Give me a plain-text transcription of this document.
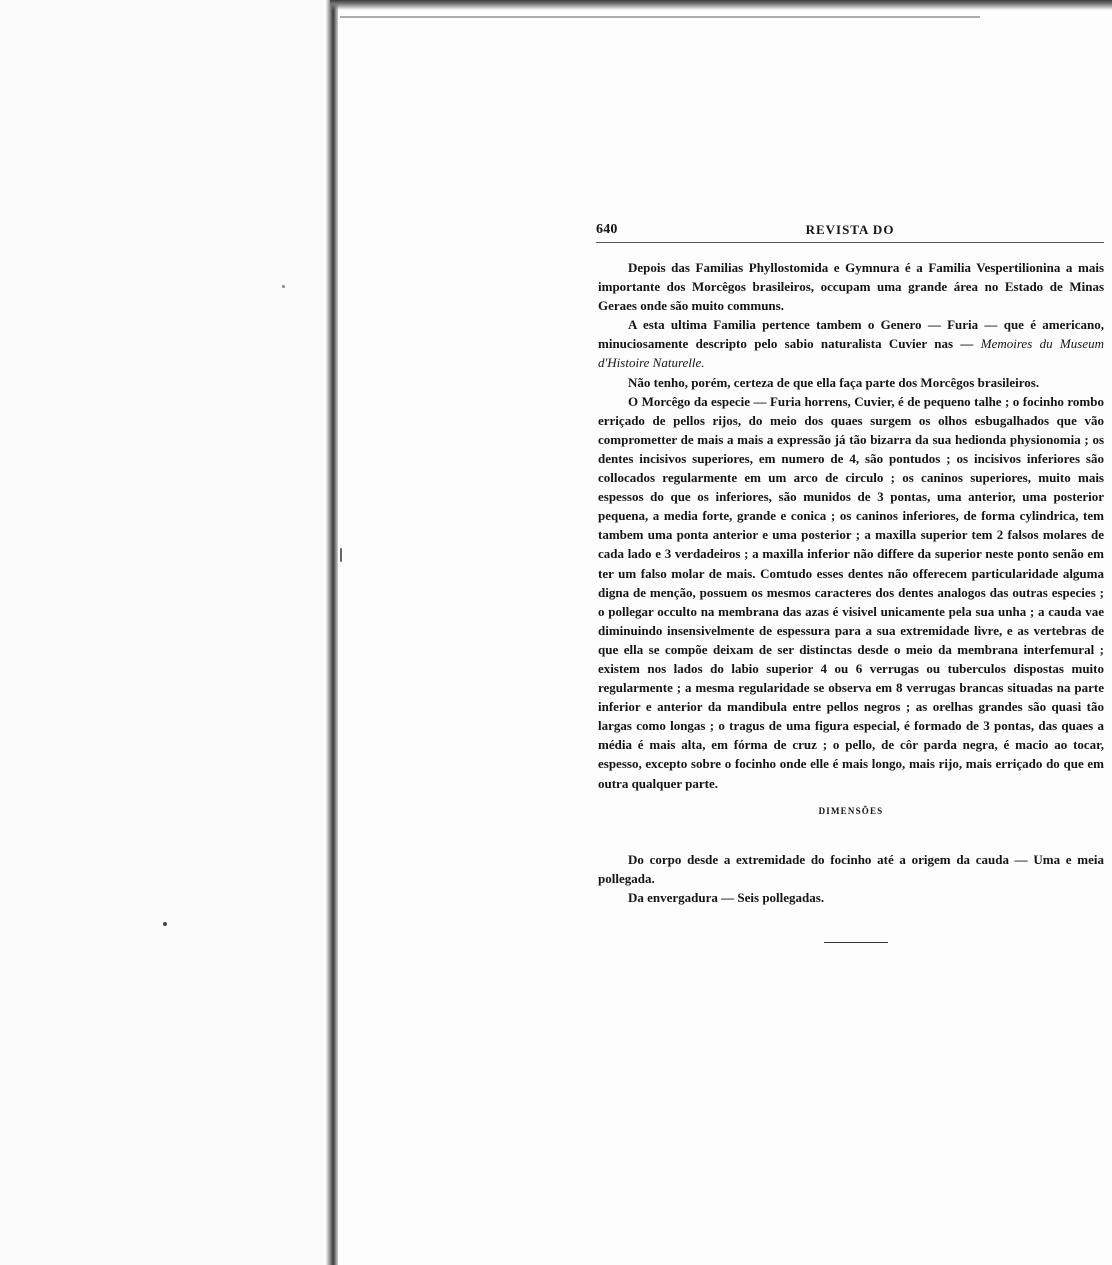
640	REVISTA DO

Depois das Familias Phyllostomida e Gymnura é a Familia Vespertilionina a mais importante dos Morcêgos brasileiros, occupam uma grande área no Estado de Minas Geraes onde são muito communs.

A esta ultima Familia pertence tambem o Genero — Furia — que é americano, minuciosamente descripto pelo sabio naturalista Cuvier nas — Memoires du Museum d'Histoire Naturelle.

Não tenho, porém, certeza de que ella faça parte dos Morcêgos brasileiros.

O Morcêgo da especie — Furia horrens, Cuvier, é de pequeno talhe ; o focinho rombo erriçado de pellos rijos, do meio dos quaes surgem os olhos esbugalhados que vão comprometter de mais a mais a expressão já tão bizarra da sua hedionda physionomia ; os dentes incisivos superiores, em numero de 4, são pontudos ; os incisivos inferiores são collocados regularmente em um arco de circulo ; os caninos superiores, muito mais espessos do que os inferiores, são munidos de 3 pontas, uma anterior, uma posterior pequena, a media forte, grande e conica ; os caninos inferiores, de forma cylindrica, tem tambem uma ponta anterior e uma posterior ; a maxilla superior tem 2 falsos molares de cada lado e 3 verdadeiros ; a maxilla inferior não differe da superior neste ponto senão em ter um falso molar de mais. Comtudo esses dentes não offerecem particularidade alguma digna de menção, possuem os mesmos caracteres dos dentes analogos das outras especies ; o pollegar occulto na membrana das azas é visivel unicamente pela sua unha ; a cauda vae diminuindo insensivelmente de espessura para a sua extremidade livre, e as vertebras de que ella se compõe deixam de ser distinctas desde o meio da membrana interfemural ; existem nos lados do labio superior 4 ou 6 verrugas ou tuberculos dispostas muito regularmente ; a mesma regularidade se observa em 8 verrugas brancas situadas na parte inferior e anterior da mandibula entre pellos negros ; as orelhas grandes são quasi tão largas como longas ; o tragus de uma figura especial, é formado de 3 pontas, das quaes a média é mais alta, em fórma de cruz ; o pello, de côr parda negra, é macio ao tocar, espesso, excepto sobre o focinho onde elle é mais longo, mais rijo, mais erriçado do que em outra qualquer parte.

DIMENSÕES

Do corpo desde a extremidade do focinho até a origem da cauda — Uma e meia pollegada.

Da envergadura — Seis pollegadas.
